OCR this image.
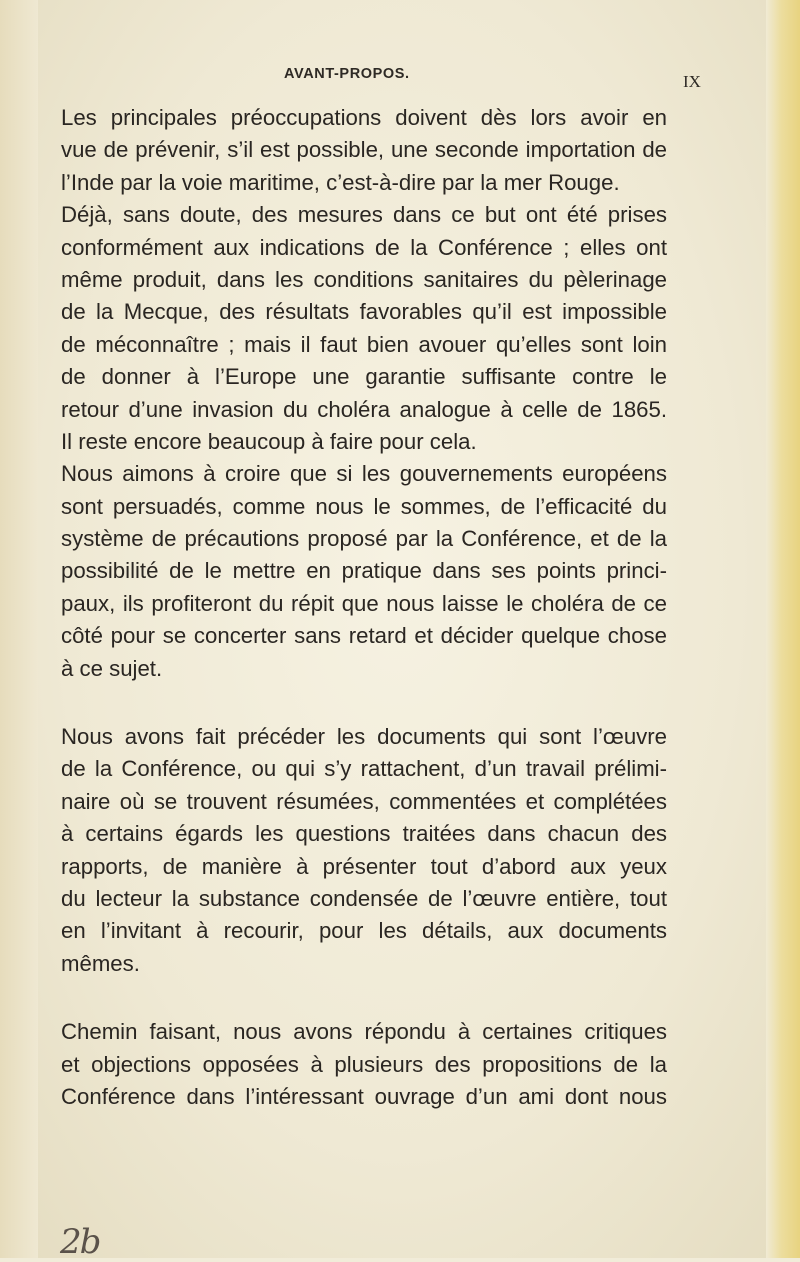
AVANT-PROPOS.	IX
Les principales préoccupations doivent dès lors avoir en
vue de prévenir, s’il est possible, une seconde importation de
l’Inde par la voie maritime, c’est-à-dire par la mer Rouge.
Déjà, sans doute, des mesures dans ce but ont été prises
conformément aux indications de la Conférence ; elles ont
même produit, dans les conditions sanitaires du pèlerinage
de la Mecque, des résultats favorables qu’il est impossible
de méconnaître ; mais il faut bien avouer qu’elles sont loin
de donner à l’Europe une garantie suffisante contre le
retour d’une invasion du choléra analogue à celle de 1865.
Il reste encore beaucoup à faire pour cela.
Nous aimons à croire que si les gouvernements européens
sont persuadés, comme nous le sommes, de l’efficacité du
système de précautions proposé par la Conférence, et de la
possibilité de le mettre en pratique dans ses points princi-
paux, ils profiteront du répit que nous laisse le choléra de ce
côté pour se concerter sans retard et décider quelque chose
à ce sujet.
Nous avons fait précéder les documents qui sont l’œuvre
de la Conférence, ou qui s’y rattachent, d’un travail prélimi-
naire où se trouvent résumées, commentées et complétées
à certains égards les questions traitées dans chacun des
rapports, de manière à présenter tout d’abord aux yeux
du lecteur la substance condensée de l’œuvre entière, tout
en l’invitant à recourir, pour les détails, aux documents
mêmes.
Chemin faisant, nous avons répondu à certaines critiques
et objections opposées à plusieurs des propositions de la
Conférence dans l’intéressant ouvrage d’un ami dont nous
2b
